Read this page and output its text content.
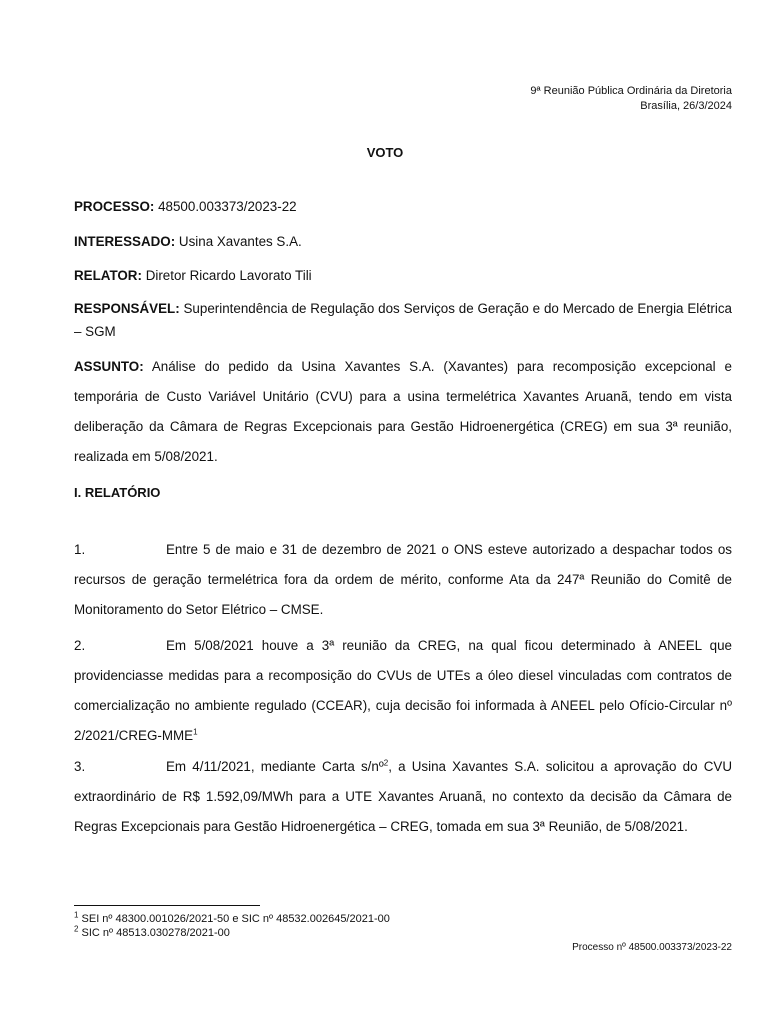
9ª Reunião Pública Ordinária da Diretoria
Brasília, 26/3/2024
VOTO

PROCESSO: 48500.003373/2023-22

INTERESSADO: Usina Xavantes S.A.

RELATOR: Diretor Ricardo Lavorato Tili

RESPONSÁVEL: Superintendência de Regulação dos Serviços de Geração e do Mercado de Energia Elétrica – SGM

ASSUNTO: Análise do pedido da Usina Xavantes S.A. (Xavantes) para recomposição excepcional e temporária de Custo Variável Unitário (CVU) para a usina termelétrica Xavantes Aruanã, tendo em vista deliberação da Câmara de Regras Excepcionais para Gestão Hidroenergética (CREG) em sua 3ª reunião, realizada em 5/08/2021.

I. RELATÓRIO
1.	Entre 5 de maio e 31 de dezembro de 2021 o ONS esteve autorizado a despachar todos os recursos de geração termelétrica fora da ordem de mérito, conforme Ata da 247ª Reunião do Comitê de Monitoramento do Setor Elétrico – CMSE.
2.	Em 5/08/2021 houve a 3ª reunião da CREG, na qual ficou determinado à ANEEL que providenciasse medidas para a recomposição do CVUs de UTEs a óleo diesel vinculadas com contratos de comercialização no ambiente regulado (CCEAR), cuja decisão foi informada à ANEEL pelo Ofício-Circular nº 2/2021/CREG-MME$^1$
3.	Em 4/11/2021, mediante Carta s/nº$^2$, a Usina Xavantes S.A. solicitou a aprovação do CVU extraordinário de R$ 1.592,09/MWh para a UTE Xavantes Aruanã, no contexto da decisão da Câmara de Regras Excepcionais para Gestão Hidroenergética – CREG, tomada em sua 3ª Reunião, de 5/08/2021.
$^1$ SEI nº 48300.001026/2021-50 e SIC nº 48532.002645/2021-00
$^2$ SIC nº 48513.030278/2021-00
Processo nº 48500.003373/2023-22
